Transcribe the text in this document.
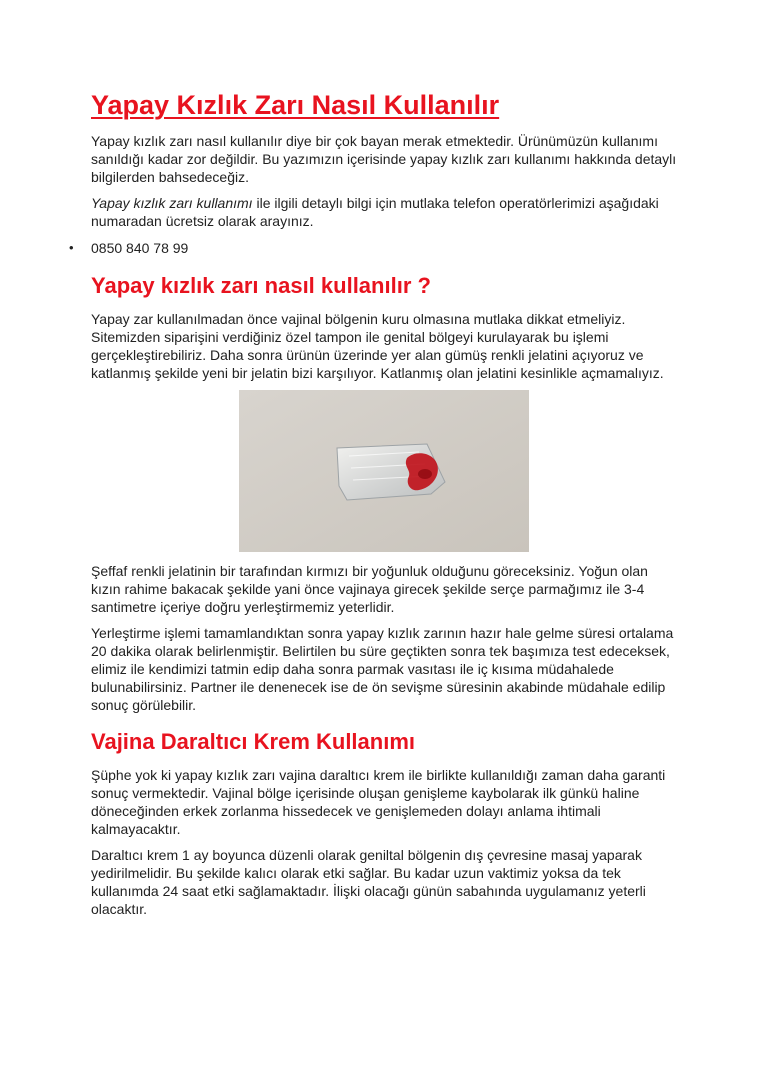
Yapay Kızlık Zarı Nasıl Kullanılır

Yapay kızlık zarı nasıl kullanılır diye bir çok bayan merak etmektedir. Ürünümüzün kullanımı sanıldığı kadar zor değildir. Bu yazımızın içerisinde yapay kızlık zarı kullanımı hakkında detaylı bilgilerden bahsedeceğiz.

Yapay kızlık zarı kullanımı ile ilgili detaylı bilgi için mutlaka telefon operatörlerimizi aşağıdaki numaradan ücretsiz olarak arayınız.

• 0850 840 78 99
Yapay kızlık zarı nasıl kullanılır ?

Yapay zar kullanılmadan önce vajinal bölgenin kuru olmasına mutlaka dikkat etmeliyiz. Sitemizden siparişini verdiğiniz özel tampon ile genital bölgeyi kurulayarak bu işlemi gerçekleştirebiliriz. Daha sonra ürünün üzerinde yer alan gümüş renkli jelatini açıyoruz ve katlanmış şekilde yeni bir jelatin bizi karşılıyor. Katlanmış olan jelatini kesinlikle açmamalıyız.

Şeffaf renkli jelatinin bir tarafından kırmızı bir yoğunluk olduğunu göreceksiniz. Yoğun olan kızın rahime bakacak şekilde yani önce vajinaya girecek şekilde serçe parmağımız ile 3-4 santimetre içeriye doğru yerleştirmemiz yeterlidir.

Yerleştirme işlemi tamamlandıktan sonra yapay kızlık zarının hazır hale gelme süresi ortalama 20 dakika olarak belirlenmiştir. Belirtilen bu süre geçtikten sonra tek başımıza test edeceksek, elimiz ile kendimizi tatmin edip daha sonra parmak vasıtası ile iç kısıma müdahalede bulunabilirsiniz. Partner ile denenecek ise de ön sevişme süresinin akabinde müdahale edilip sonuç görülebilir.

Vajina Daraltıcı Krem Kullanımı

Şüphe yok ki yapay kızlık zarı vajina daraltıcı krem ile birlikte kullanıldığı zaman daha garanti sonuç vermektedir. Vajinal bölge içerisinde oluşan genişleme kaybolarak ilk günkü haline döneceğinden erkek zorlanma hissedecek ve genişlemeden dolayı anlama ihtimali kalmayacaktır.

Daraltıcı krem 1 ay boyunca düzenli olarak geniltal bölgenin dış çevresine masaj yaparak yedirilmelidir. Bu şekilde kalıcı olarak etki sağlar. Bu kadar uzun vaktimiz yoksa da tek kullanımda 24 saat etki sağlamaktadır. İlişki olacağı günün sabahında uygulamanız yeterli olacaktır.
